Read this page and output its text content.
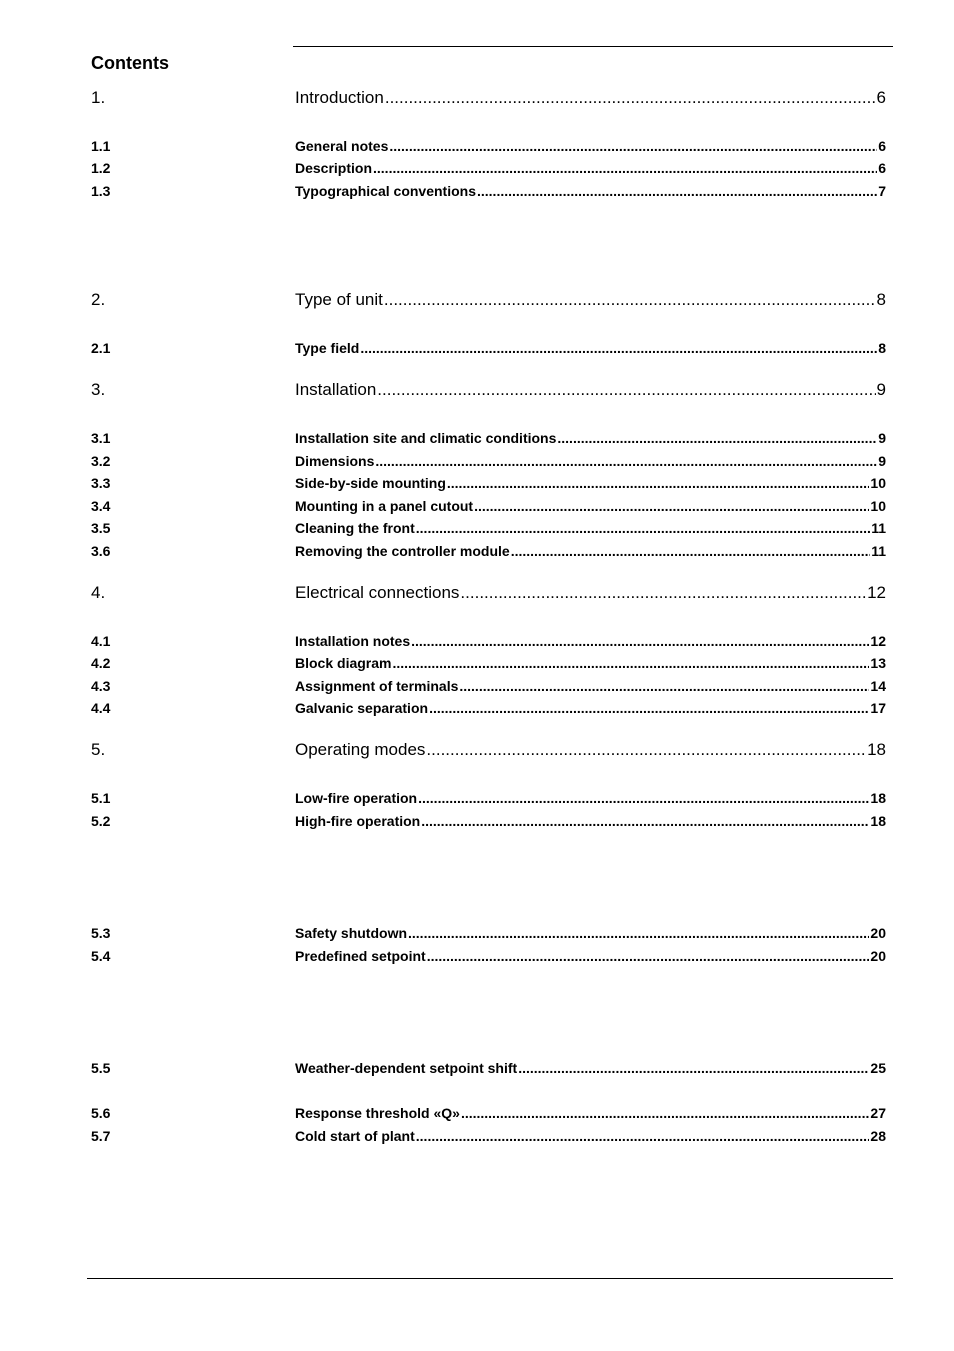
Contents
1.	Introduction .....	6
1.1	General notes .....	6
1.2	Description .....	6
1.3	Typographical conventions .....	7
2.	Type of unit .....	8
2.1	Type field .....	8
3.	Installation .....	9
3.1	Installation site and climatic conditions .....	9
3.2	Dimensions .....	9
3.3	Side-by-side mounting .....	10
3.4	Mounting in a panel cutout .....	10
3.5	Cleaning the front .....	11
3.6	Removing the controller module .....	11
4.	Electrical connections .....	12
4.1	Installation notes .....	12
4.2	Block diagram .....	13
4.3	Assignment of terminals .....	14
4.4	Galvanic separation .....	17
5.	Operating modes .....	18
5.1	Low-fire operation .....	18
5.2	High-fire operation .....	18
5.3	Safety shutdown .....	20
5.4	Predefined setpoint .....	20
5.5	Weather-dependent setpoint shift .....	25
5.6	Response threshold «Q» .....	27
5.7	Cold start of plant .....	28
